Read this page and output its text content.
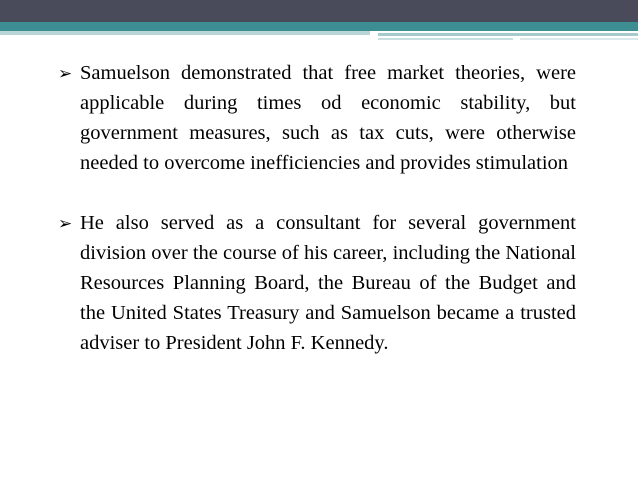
➢ Samuelson demonstrated that free market theories, were applicable during times od economic stability, but government measures, such as tax cuts, were otherwise needed to overcome inefficiencies and provides stimulation
➢ He also served as a consultant for several government division over the course of his career, including the National Resources Planning Board, the Bureau of the Budget and the United States Treasury and Samuelson became a trusted adviser to President John F. Kennedy.
